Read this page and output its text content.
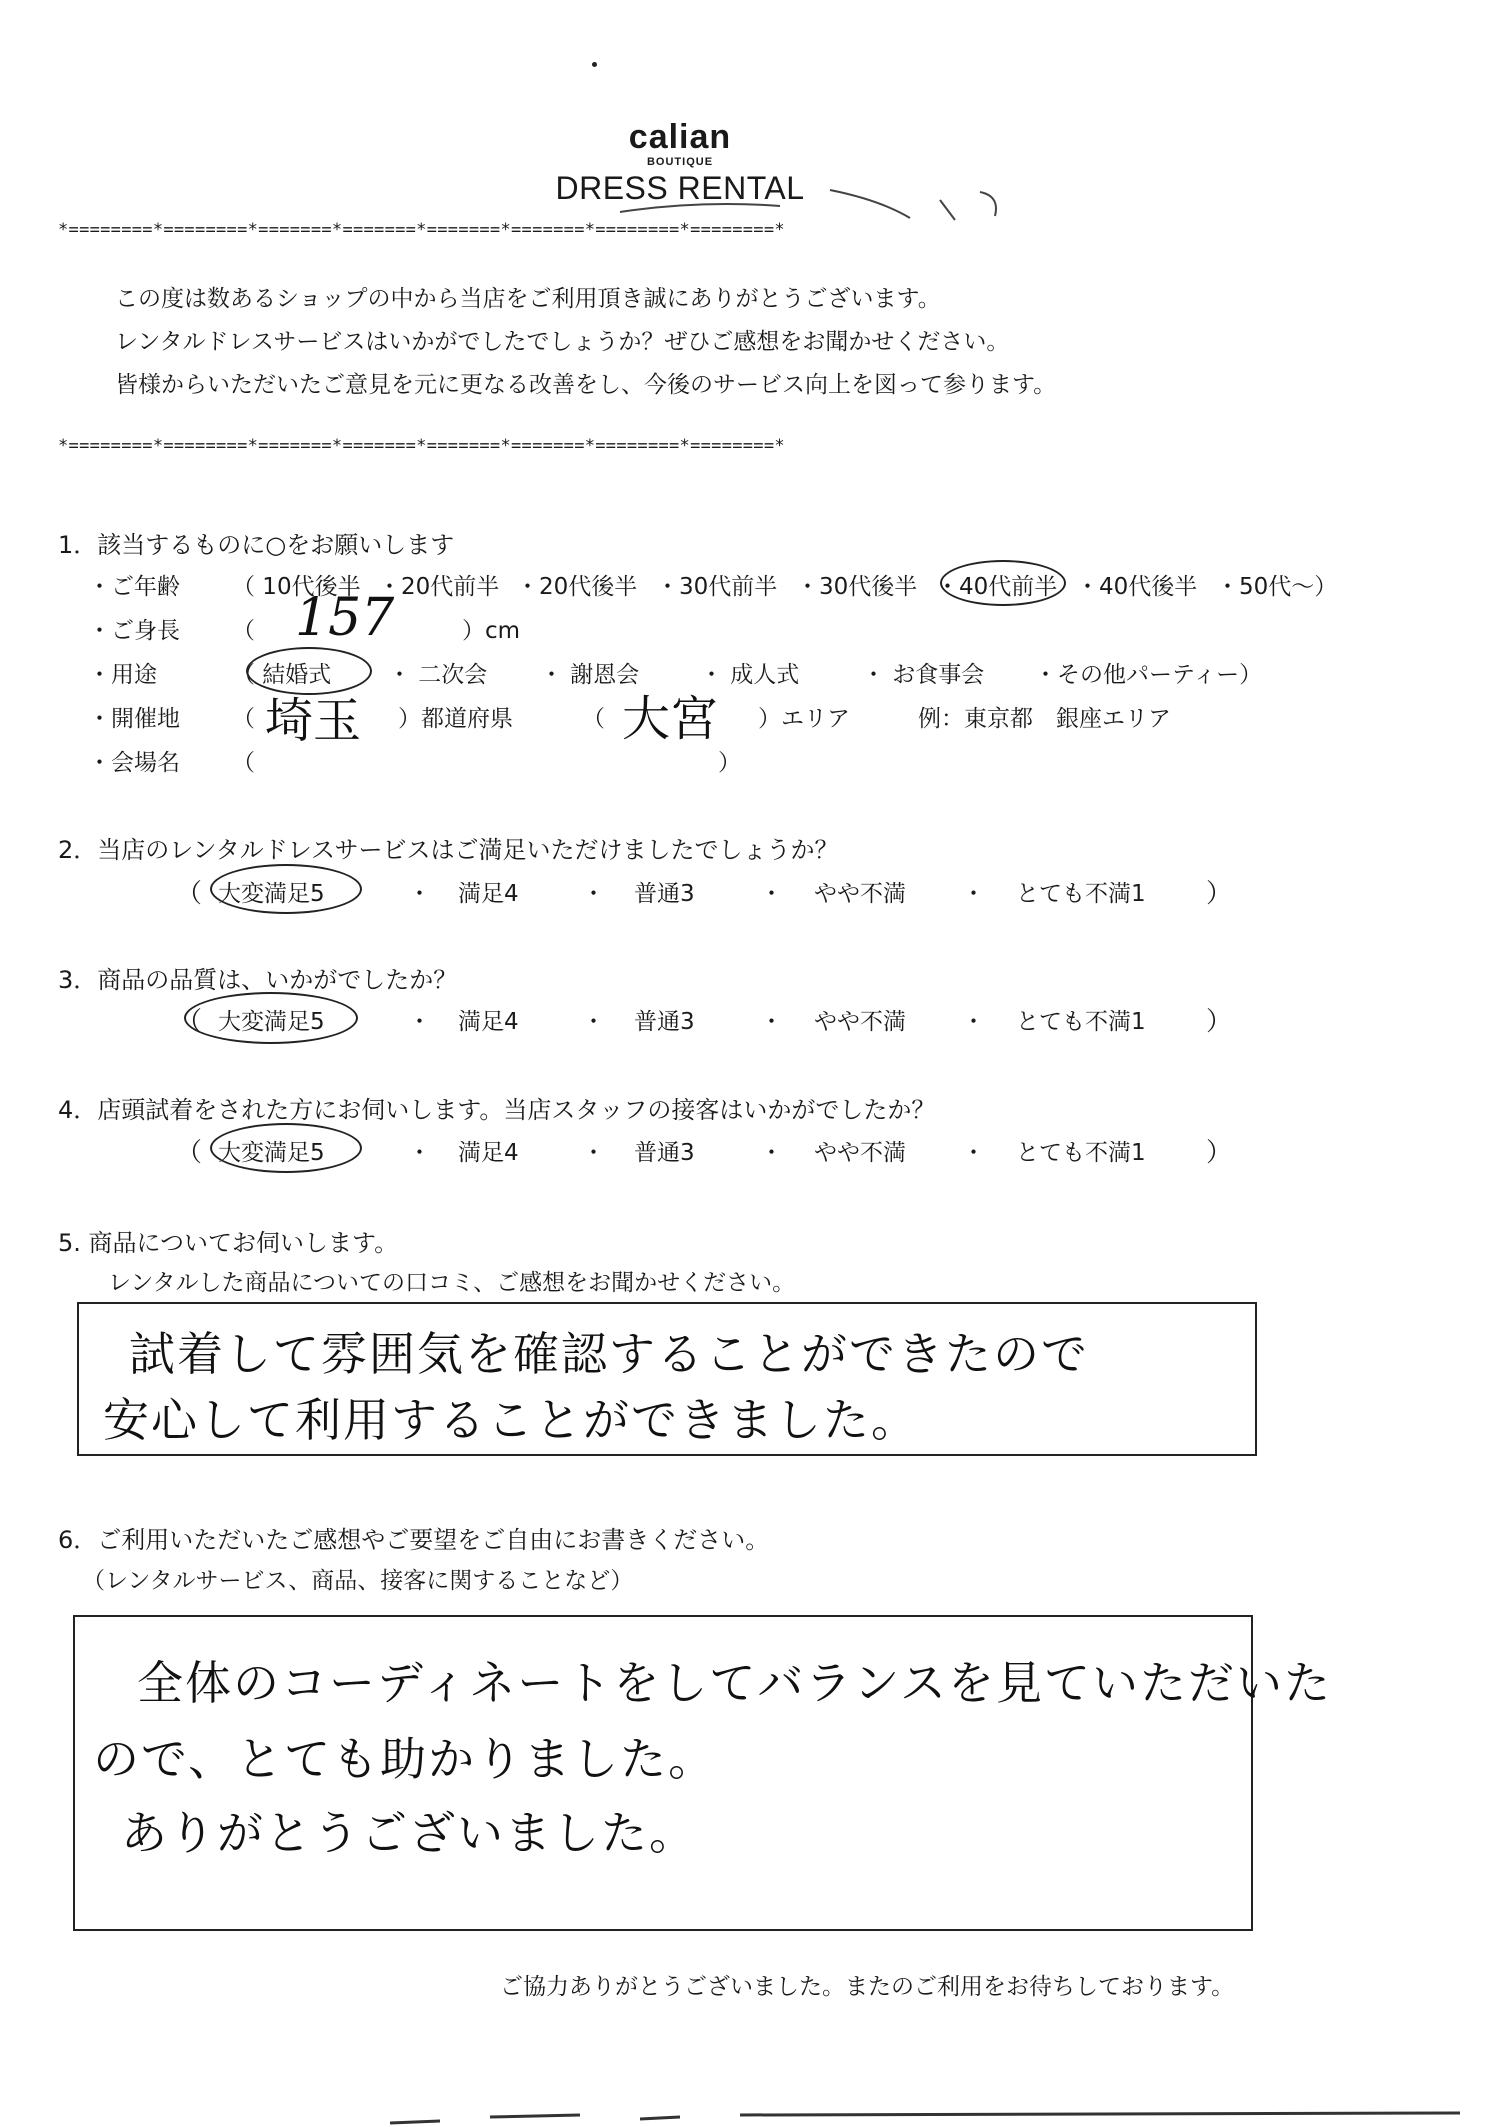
calian
BOUTIQUE
DRESS RENTAL
*========*========*=======*=======*=======*=======*========*========*
この度は数あるショップの中から当店をご利用頂き誠にありがとうございます。
レンタルドレスサービスはいかがでしたでしょうか？ぜひご感想をお聞かせください。
皆様からいただいたご意見を元に更なる改善をし、今後のサービス向上を図って参ります。
*========*========*=======*=======*=======*=======*========*========*
1．該当するものに○をお願いします
・ご年齢 （ 10代後半 ・20代前半 ・20代後半 ・30代前半 ・30代後半 ・40代前半 ・40代後半 ・50代〜）
・ご身長 （ 157	）cm
・用途	（ 結婚式 ・ 二次会 ・ 謝恩会	・ 成人式	・ お食事会 ・その他パーティー）
・開催地 （ 埼玉 ）都道府県	（ 大宮 ）エリア	例：東京都　銀座エリア
・会場名 （	）
2．当店のレンタルドレスサービスはご満足いただけましたでしょうか？
（ 大変満足5	・ 満足4	・ 普通3	・ やや不満 ・ とても不満1 ）
3．商品の品質は、いかがでしたか？
（ 大変満足5	・ 満足4	・ 普通3	・ やや不満 ・ とても不満1 ）
4．店頭試着をされた方にお伺いします。当店スタッフの接客はいかがでしたか？
（ 大変満足5	・ 満足4	・ 普通3	・ やや不満 ・ とても不満1 ）
5. 商品についてお伺いします。
レンタルした商品についての口コミ、ご感想をお聞かせください。
試着して雰囲気を確認することができたので
安心して利用することができました。
6．ご利用いただいたご感想やご要望をご自由にお書きください。
（レンタルサービス、商品、接客に関することなど）
全体のコーディネートをしてバランスを見ていただいた
ので、とても助かりました。
ありがとうございました。
ご協力ありがとうございました。またのご利用をお待ちしております。
